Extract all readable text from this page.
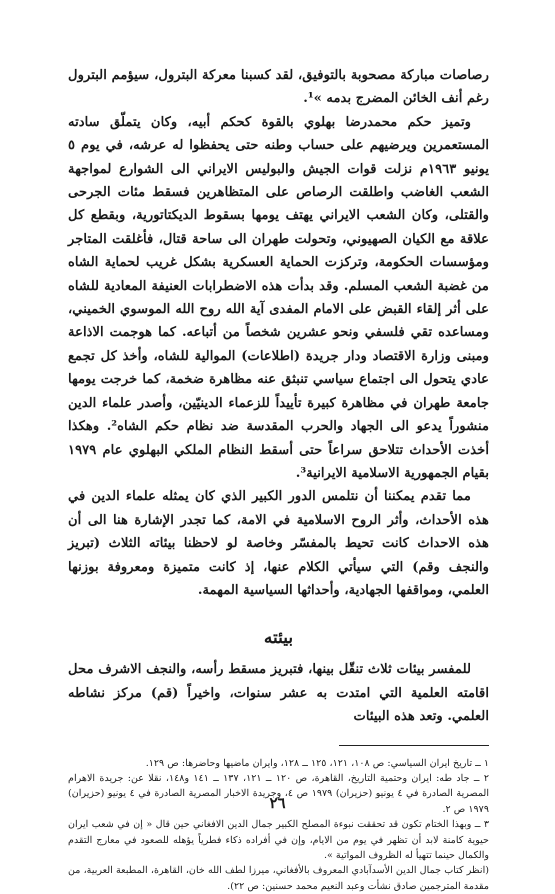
رصاصات مباركة مصحوبة بالتوفيق، لقد كسبنا معركة البترول، سيؤمم البترول رغم أنف الخائن المضرج بدمه »¹.

وتميز حكم محمدرضا بهلوي بالقوة كحكم أبيه، وكان يتملّق سادته المستعمرين ويرضيهم على حساب وطنه حتى يحفظوا له عرشه، في يوم ٥ يونيو ١٩٦٣م نزلت قوات الجيش والبوليس الايراني الى الشوارع لمواجهة الشعب الغاضب واطلقت الرصاص على المتظاهرين فسقط مئات الجرحى والقتلى، وكان الشعب الايراني يهتف يومها بسقوط الديكتاتورية، وبقطع كل علاقة مع الكيان الصهيوني، وتحولت طهران الى ساحة قتال، فأغلقت المتاجر ومؤسسات الحكومة، وتركزت الحماية العسكرية بشكل غريب لحماية الشاه من غضبة الشعب المسلم. وقد بدأت هذه الاضطرابات العنيفة المعادية للشاه على أثر إلقاء القبض على الامام المفدى آية الله روح الله الموسوي الخميني، ومساعده تقي فلسفي ونحو عشرين شخصاً من أتباعه. كما هوجمت الاذاعة ومبنى وزارة الاقتصاد ودار جريدة (اطلاعات) الموالية للشاه، وأخذ كل تجمع عادي يتحول الى اجتماع سياسي تنبثق عنه مظاهرة ضخمة، كما خرجت يومها جامعة طهران في مظاهرة كبيرة تأييداً للزعماء الدينيّين، وأصدر علماء الدين منشوراً يدعو الى الجهاد والحرب المقدسة ضد نظام حكم الشاه². وهكذا أخذت الأحداث تتلاحق سراعاً حتى أسقط النظام الملكي البهلوي عام ١٩٧٩ بقيام الجمهورية الاسلامية الايرانية³.

مما تقدم يمكننا أن نتلمس الدور الكبير الذي كان يمثله علماء الدين في هذه الأحداث، وأثر الروح الاسلامية في الامة، كما تجدر الإشارة هنا الى أن هذه الاحداث كانت تحيط بالمفسّر وخاصة لو لاحظنا بيئاته الثلاث (تبريز والنجف وقم) التي سيأتي الكلام عنها، إذ كانت متميزة ومعروفة بوزنها العلمي، ومواقفها الجهادية، وأحداثها السياسية المهمة.

بيئته

للمفسر بيئات ثلاث تنقّل بينها، فتبريز مسقط رأسه، والنجف الاشرف محل اقامته العلمية التي امتدت به عشر سنوات، واخيراً (قم) مركز نشاطه العلمي. وتعد هذه البيئات

١ ــ تاريخ ايران السياسي: ص ١٠٨، ١٢١، ١٢٥ ــ ١٢٨، وايران ماضيها وحاضرها: ص ١٢٩.

٢ ــ جاد طه: ايران وحتمية التاريخ، القاهرة، ص ١٢٠ ــ ١٢١، ١٣٧ ــ ١٤١ و١٤٨، نقلا عن: جريدة الاهرام المصرية الصادرة في ٤ يونيو (حزيران) ١٩٧٩ ص ٤، وجريدة الاخبار المصرية الصادرة في ٤ يونيو (حزيران) ١٩٧٩ ص ٢.

٣ ــ وبهذا الختام تكون قد تحققت نبوءة المصلح الكبير جمال الدين الافغاني حين قال « إن في شعب ايران حيوية كامنة لابد أن تظهر في يوم من الايام، وإن في أفراده ذكاء فطرياً يؤهله للصعود في معارج التقدم والكمال حينما تتهيأ له الظروف المواتية ».

(انظر كتاب جمال الدين الأسدآبادي المعروف بالأفغاني، ميرزا لطف الله خان، القاهرة، المطبعة العربية، من مقدمة المترجمين صادق نشأت وعبد النعيم محمد حسنين: ص ٢٢).

٢٦
